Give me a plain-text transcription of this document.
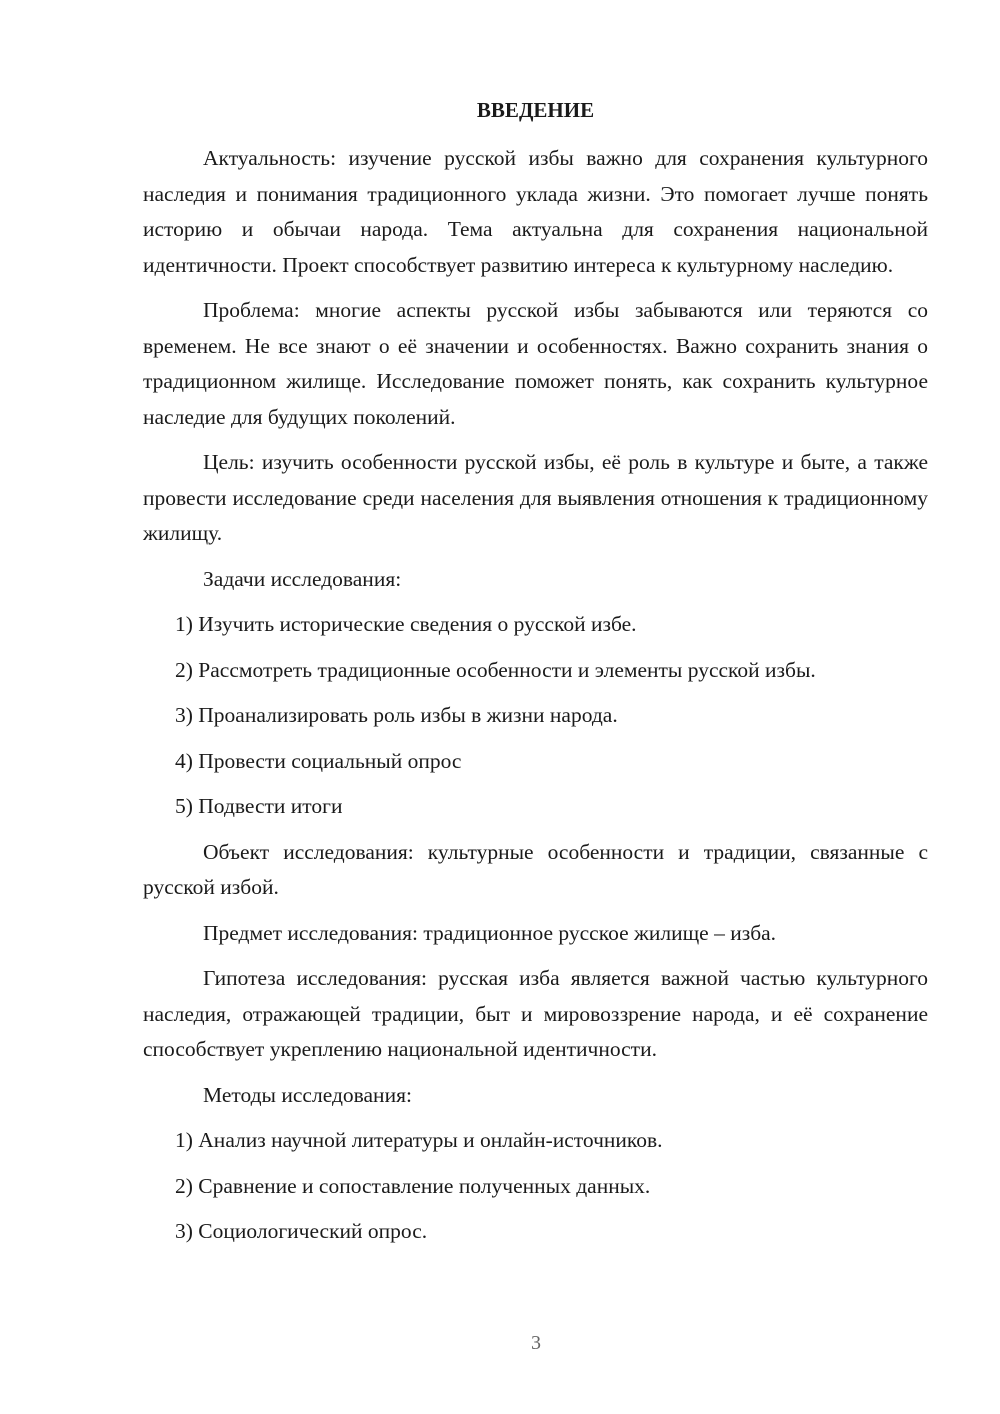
ВВЕДЕНИЕ

Актуальность: изучение русской избы важно для сохранения культурного наследия и понимания традиционного уклада жизни. Это помогает лучше понять историю и обычаи народа. Тема актуальна для сохранения национальной идентичности. Проект способствует развитию интереса к культурному наследию.

Проблема: многие аспекты русской избы забываются или теряются со временем. Не все знают о её значении и особенностях. Важно сохранить знания о традиционном жилище. Исследование поможет понять, как сохранить культурное наследие для будущих поколений.

Цель: изучить особенности русской избы, её роль в культуре и быте, а также провести исследование среди населения для выявления отношения к традиционному жилищу.

Задачи исследования:

1) Изучить исторические сведения о русской избе.
2) Рассмотреть традиционные особенности и элементы русской избы.
3) Проанализировать роль избы в жизни народа.
4) Провести социальный опрос
5) Подвести итоги

Объект исследования: культурные особенности и традиции, связанные с русской избой.

Предмет исследования: традиционное русское жилище – изба.

Гипотеза исследования: русская изба является важной частью культурного наследия, отражающей традиции, быт и мировоззрение народа, и её сохранение способствует укреплению национальной идентичности.

Методы исследования:

1) Анализ научной литературы и онлайн-источников.
2) Сравнение и сопоставление полученных данных.
3) Социологический опрос.
3
